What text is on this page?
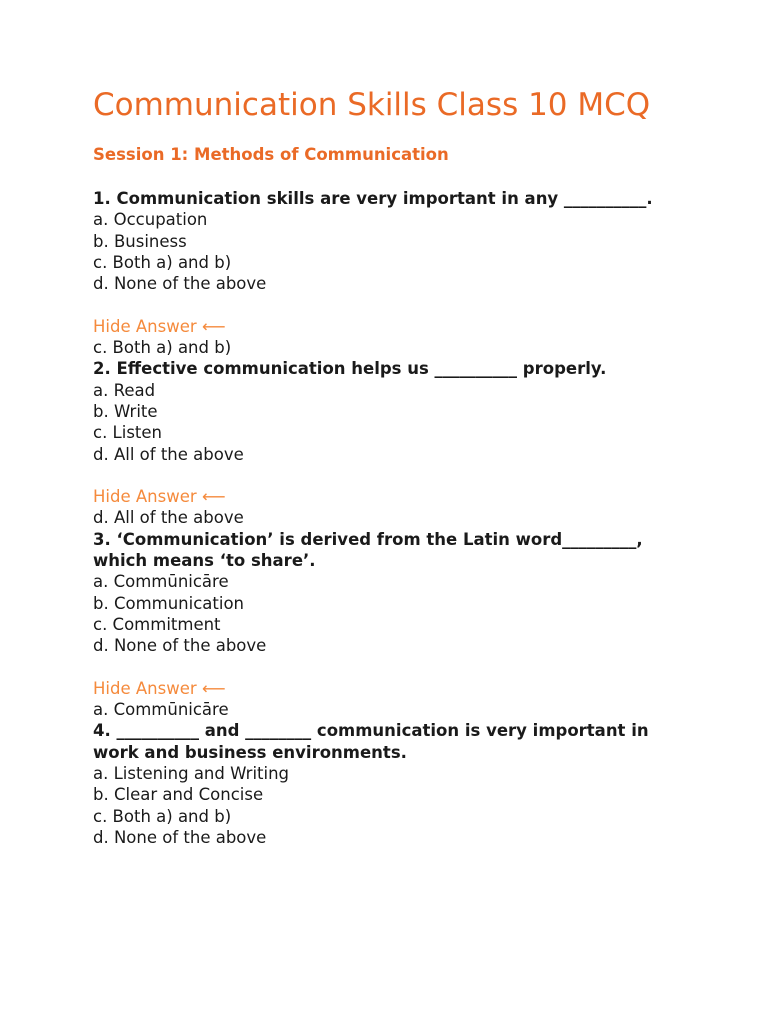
Communication Skills Class 10 MCQ
Session 1: Methods of Communication
1. Communication skills are very important in any __________.
a. Occupation
b. Business
c. Both a) and b)
d. None of the above
Hide Answer ⟵
c. Both a) and b)
2. Effective communication helps us __________ properly.
a. Read
b. Write
c. Listen
d. All of the above
Hide Answer ⟵
d. All of the above
3. ‘Communication’ is derived from the Latin word_________, which means ‘to share’.
a. Commūnicāre
b. Communication
c. Commitment
d. None of the above
Hide Answer ⟵
a. Commūnicāre
4. __________ and ________ communication is very important in work and business environments.
a. Listening and Writing
b. Clear and Concise
c. Both a) and b)
d. None of the above
